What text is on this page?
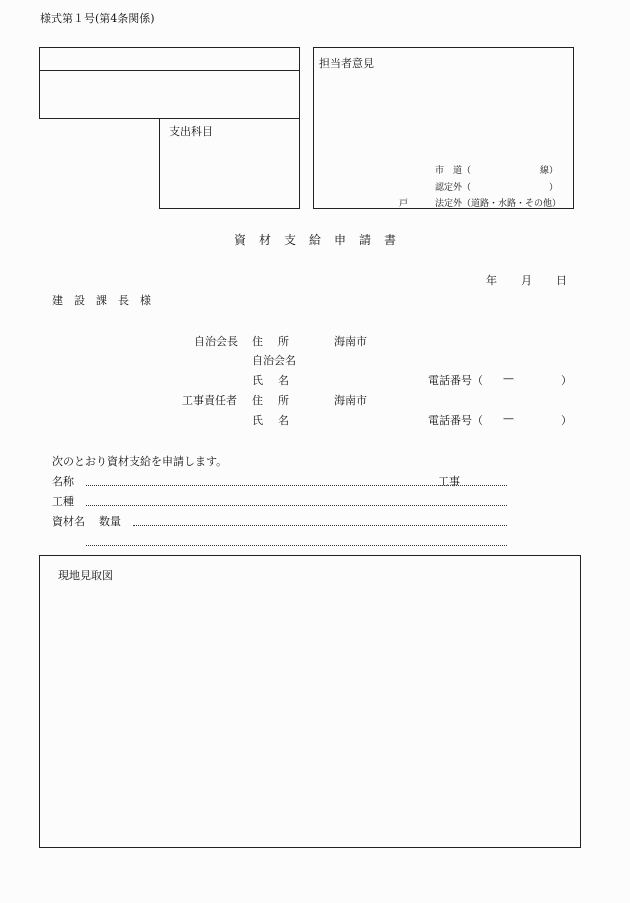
様式第１号(第4条関係)
支出科目
担当者意見
市　道（	線）
認定外（	）
戸	法定外（道路・水路・その他）
資材支給申請書
年 月 日
建設課長様
自治会長 住所	海南市
自治会名
氏名	電話番号（ —	）
工事責任者 住所	海南市
氏名	電話番号（ —	）
次のとおり資材支給を申請します。
名称	工事
工種
資材名 数量
現地見取図
